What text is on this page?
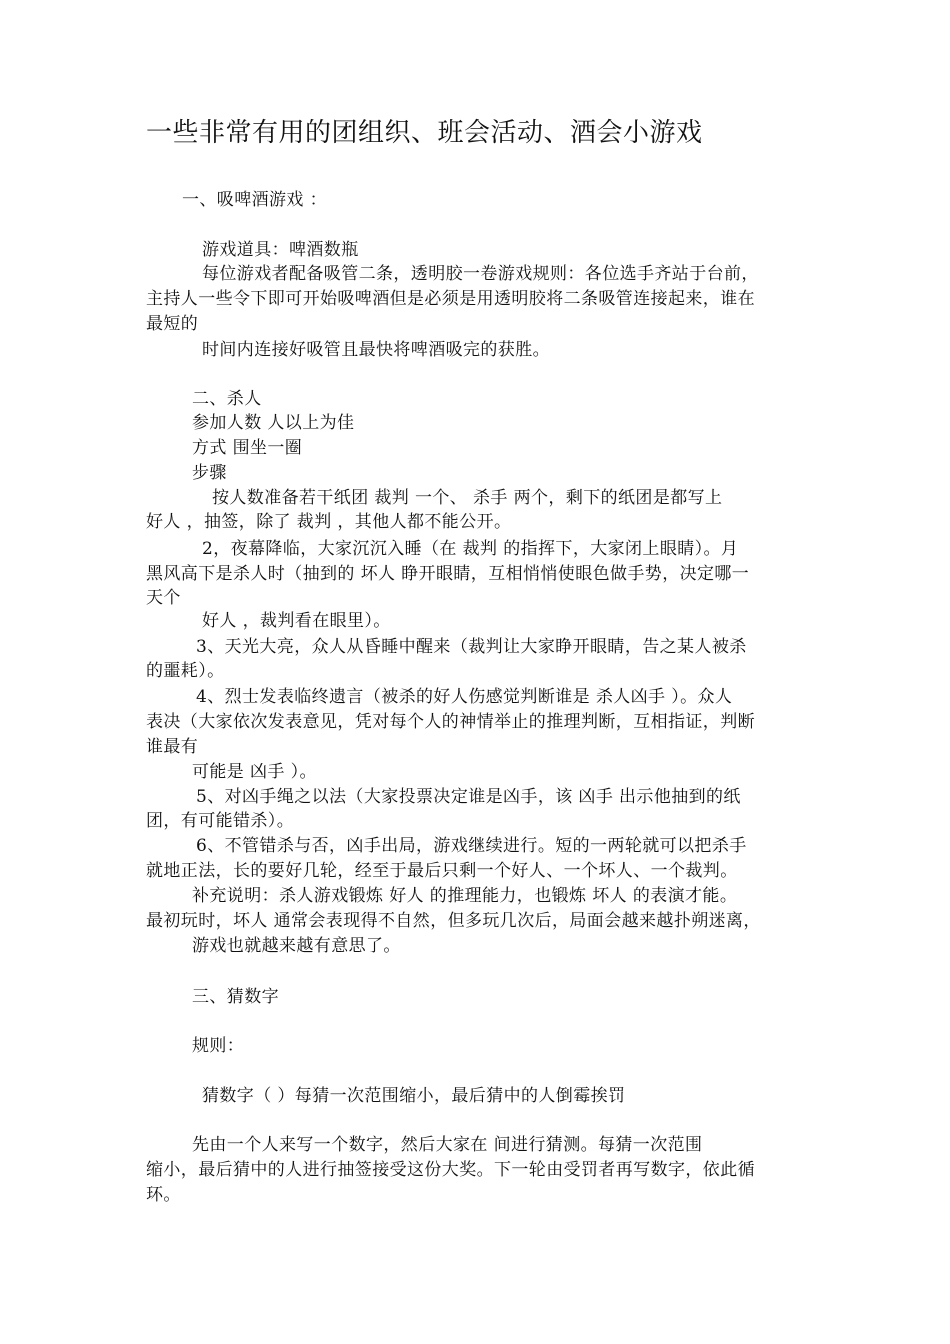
一些非常有用的团组织、班会活动、酒会小游戏
一、吸啤酒游戏 ：
游戏道具：啤酒数瓶
每位游戏者配备吸管二条，透明胶一卷游戏规则：各位选手齐站于台前，
主持人一些令下即可开始吸啤酒但是必须是用透明胶将二条吸管连接起来，谁在
最短的
时间内连接好吸管且最快将啤酒吸完的获胜。
二、杀人
参加人数 人以上为佳
方式 围坐一圈
步骤
按人数准备若干纸团 裁判 一个、 杀手 两个，剩下的纸团是都写上
好人 ，抽签，除了 裁判 ，其他人都不能公开。
2，夜幕降临，大家沉沉入睡（在 裁判 的指挥下，大家闭上眼睛）。月
黑风高下是杀人时（抽到的 坏人 睁开眼睛，互相悄悄使眼色做手势，决定哪一
天个
好人 ，裁判看在眼里）。
3、天光大亮，众人从昏睡中醒来（裁判让大家睁开眼睛，告之某人被杀
的噩耗）。
4、烈士发表临终遗言（被杀的好人伤感觉判断谁是 杀人凶手 ）。众人
表决（大家依次发表意见，凭对每个人的神情举止的推理判断，互相指证，判断
谁最有
可能是 凶手 ）。
5、对凶手绳之以法（大家投票决定谁是凶手，该 凶手 出示他抽到的纸
团，有可能错杀）。
6、不管错杀与否，凶手出局，游戏继续进行。短的一两轮就可以把杀手
就地正法，长的要好几轮，经至于最后只剩一个好人、一个坏人、一个裁判。
补充说明：杀人游戏锻炼 好人 的推理能力，也锻炼 坏人 的表演才能。
最初玩时，坏人 通常会表现得不自然，但多玩几次后，局面会越来越扑朔迷离，
游戏也就越来越有意思了。
三、猜数字
规则：
猜数字（ ）每猜一次范围缩小，最后猜中的人倒霉挨罚
先由一个人来写一个数字，然后大家在 间进行猜测。每猜一次范围
缩小，最后猜中的人进行抽签接受这份大奖。下一轮由受罚者再写数字，依此循
环。
